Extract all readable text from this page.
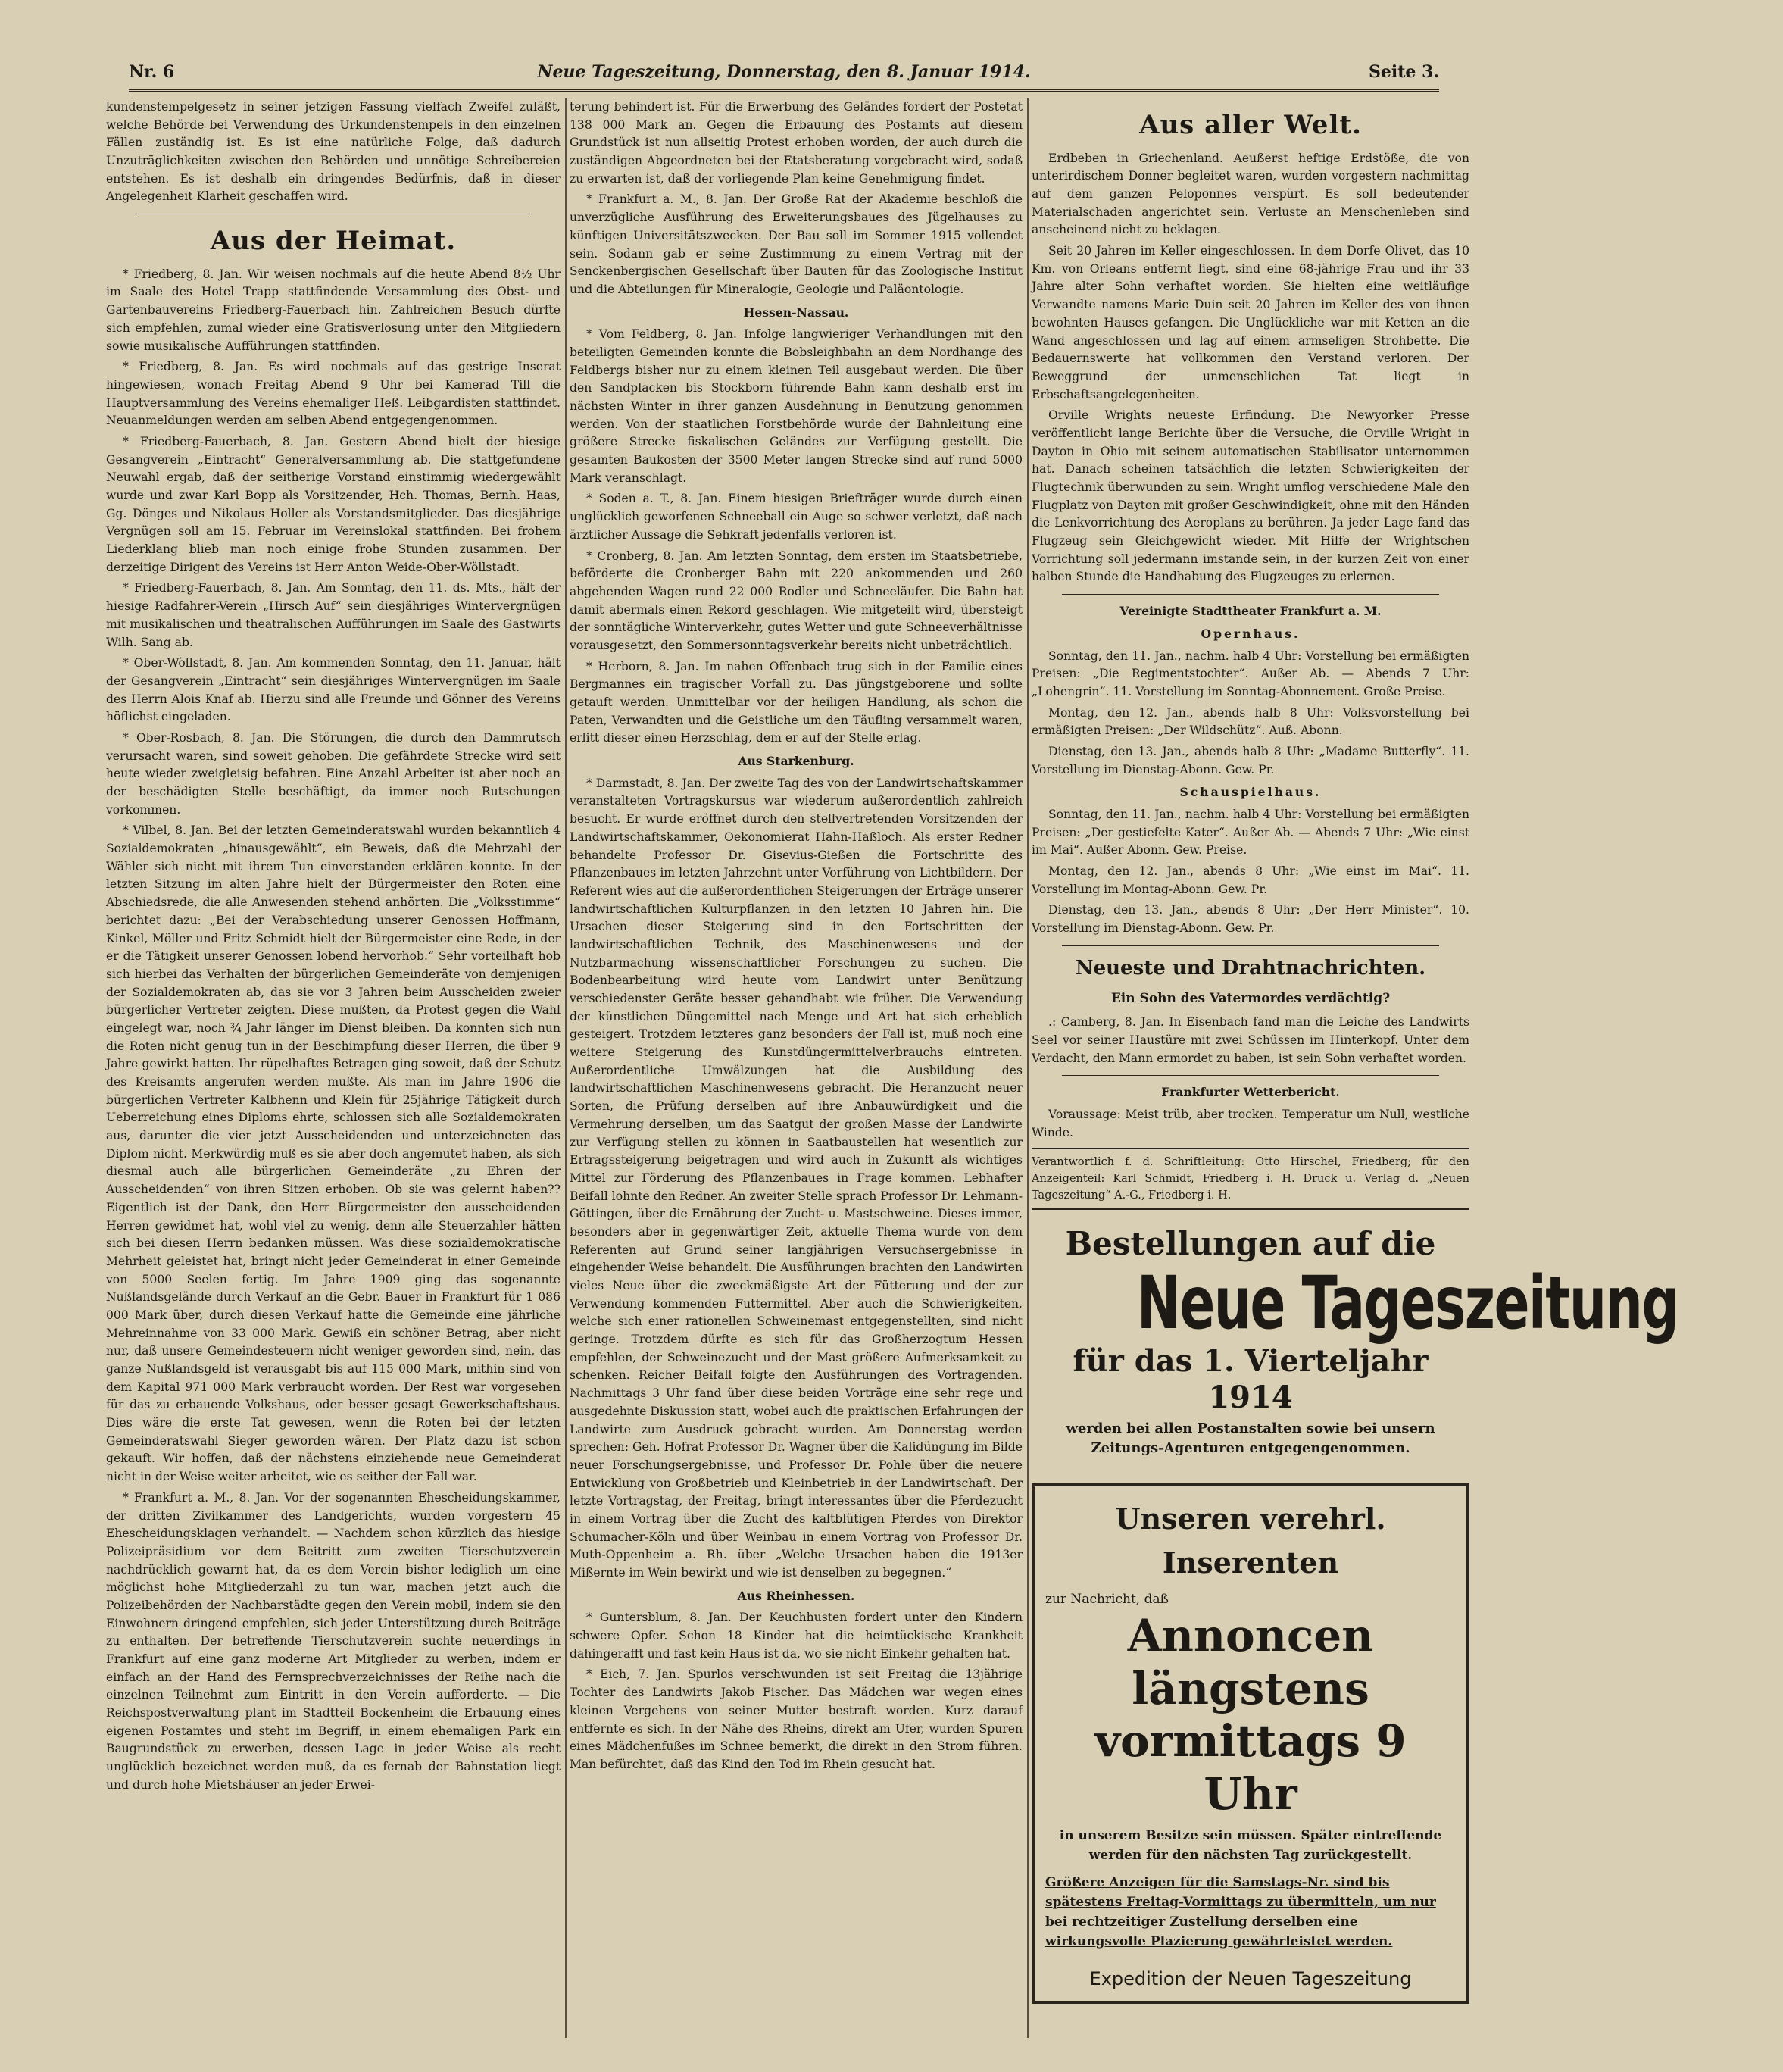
Nr. 6	Neue Tageszeitung, Donnerstag, den 8. Januar 1914.	Seite 3.

kundenstempelgesetz in seiner jetzigen Fassung vielfach Zweifel zuläßt, welche Behörde bei Verwendung des Urkundenstempels in den einzelnen Fällen zuständig ist. Es ist eine natürliche Folge, daß dadurch Unzuträglichkeiten zwischen den Behörden und unnötige Schreibereien entstehen. Es ist deshalb ein dringendes Bedürfnis, daß in dieser Angelegenheit Klarheit geschaffen wird.

Aus der Heimat.

* Friedberg, 8. Jan. Wir weisen nochmals auf die heute Abend 8½ Uhr im Saale des Hotel Trapp stattfindende Versammlung des Obst- und Gartenbauvereins Friedberg-Fauerbach hin. Zahlreichen Besuch dürfte sich empfehlen, zumal wieder eine Gratisverlosung unter den Mitgliedern sowie musikalische Aufführungen stattfinden.

* Friedberg, 8. Jan. Es wird nochmals auf das gestrige Inserat hingewiesen, wonach Freitag Abend 9 Uhr bei Kamerad Till die Hauptversammlung des Vereins ehemaliger Heß. Leibgardisten stattfindet. Neuanmeldungen werden am selben Abend entgegengenommen.

* Friedberg-Fauerbach, 8. Jan. Gestern Abend hielt der hiesige Gesangverein „Eintracht“ Generalversammlung ab. Die stattgefundene Neuwahl ergab, daß der seitherige Vorstand einstimmig wiedergewählt wurde und zwar Karl Bopp als Vorsitzender, Hch. Thomas, Bernh. Haas, Gg. Dönges und Nikolaus Holler als Vorstandsmitglieder. Das diesjährige Vergnügen soll am 15. Februar im Vereinslokal stattfinden. Bei frohem Liederklang blieb man noch einige frohe Stunden zusammen. Der derzeitige Dirigent des Vereins ist Herr Anton Weide-Ober-Wöllstadt.

* Friedberg-Fauerbach, 8. Jan. Am Sonntag, den 11. ds. Mts., hält der hiesige Radfahrer-Verein „Hirsch Auf“ sein diesjähriges Wintervergnügen mit musikalischen und theatralischen Aufführungen im Saale des Gastwirts Wilh. Sang ab.

* Ober-Wöllstadt, 8. Jan. Am kommenden Sonntag, den 11. Januar, hält der Gesangverein „Eintracht“ sein diesjähriges Wintervergnügen im Saale des Herrn Alois Knaf ab. Hierzu sind alle Freunde und Gönner des Vereins höflichst eingeladen.

* Ober-Rosbach, 8. Jan. Die Störungen, die durch den Dammrutsch verursacht waren, sind soweit gehoben. Die gefährdete Strecke wird seit heute wieder zweigleisig befahren. Eine Anzahl Arbeiter ist aber noch an der beschädigten Stelle beschäftigt, da immer noch Rutschungen vorkommen.

* Vilbel, 8. Jan. Bei der letzten Gemeinderatswahl wurden bekanntlich 4 Sozialdemokraten „hinausgewählt“, ein Beweis, daß die Mehrzahl der Wähler sich nicht mit ihrem Tun einverstanden erklären konnte. In der letzten Sitzung im alten Jahre hielt der Bürgermeister den Roten eine Abschiedsrede, die alle Anwesenden stehend anhörten. Die „Volksstimme“ berichtet dazu: „Bei der Verabschiedung unserer Genossen Hoffmann, Kinkel, Möller und Fritz Schmidt hielt der Bürgermeister eine Rede, in der er die Tätigkeit unserer Genossen lobend hervorhob.“ Sehr vorteilhaft hob sich hierbei das Verhalten der bürgerlichen Gemeinderäte von demjenigen der Sozialdemokraten ab, das sie vor 3 Jahren beim Ausscheiden zweier bürgerlicher Vertreter zeigten. Diese mußten, da Protest gegen die Wahl eingelegt war, noch ¾ Jahr länger im Dienst bleiben. Da konnten sich nun die Roten nicht genug tun in der Beschimpfung dieser Herren, die über 9 Jahre gewirkt hatten. Ihr rüpelhaftes Betragen ging soweit, daß der Schutz des Kreisamts angerufen werden mußte. Als man im Jahre 1906 die bürgerlichen Vertreter Kalbhenn und Klein für 25jährige Tätigkeit durch Ueberreichung eines Diploms ehrte, schlossen sich alle Sozialdemokraten aus, darunter die vier jetzt Ausscheidenden und unterzeichneten das Diplom nicht. Merkwürdig muß es sie aber doch angemutet haben, als sich diesmal auch alle bürgerlichen Gemeinderäte „zu Ehren der Ausscheidenden“ von ihren Sitzen erhoben. Ob sie was gelernt haben?? Eigentlich ist der Dank, den Herr Bürgermeister den ausscheidenden Herren gewidmet hat, wohl viel zu wenig, denn alle Steuerzahler hätten sich bei diesen Herrn bedanken müssen. Was diese sozialdemokratische Mehrheit geleistet hat, bringt nicht jeder Gemeinderat in einer Gemeinde von 5000 Seelen fertig. Im Jahre 1909 ging das sogenannte Nußlandsgelände durch Verkauf an die Gebr. Bauer in Frankfurt für 1 086 000 Mark über, durch diesen Verkauf hatte die Gemeinde eine jährliche Mehreinnahme von 33 000 Mark. Gewiß ein schöner Betrag, aber nicht nur, daß unsere Gemeindesteuern nicht weniger geworden sind, nein, das ganze Nußlandsgeld ist verausgabt bis auf 115 000 Mark, mithin sind von dem Kapital 971 000 Mark verbraucht worden. Der Rest war vorgesehen für das zu erbauende Volkshaus, oder besser gesagt Gewerkschaftshaus. Dies wäre die erste Tat gewesen, wenn die Roten bei der letzten Gemeinderatswahl Sieger geworden wären. Der Platz dazu ist schon gekauft. Wir hoffen, daß der nächstens einziehende neue Gemeinderat nicht in der Weise weiter arbeitet, wie es seither der Fall war.

* Frankfurt a. M., 8. Jan. Vor der sogenannten Ehescheidungskammer, der dritten Zivilkammer des Landgerichts, wurden vorgestern 45 Ehescheidungsklagen verhandelt. — Nachdem schon kürzlich das hiesige Polizeipräsidium vor dem Beitritt zum zweiten Tierschutzverein nachdrücklich gewarnt hat, da es dem Verein bisher lediglich um eine möglichst hohe Mitgliederzahl zu tun war, machen jetzt auch die Polizeibehörden der Nachbarstädte gegen den Verein mobil, indem sie den Einwohnern dringend empfehlen, sich jeder Unterstützung durch Beiträge zu enthalten. Der betreffende Tierschutzverein suchte neuerdings in Frankfurt auf eine ganz moderne Art Mitglieder zu werben, indem er einfach an der Hand des Fernsprechverzeichnisses der Reihe nach die einzelnen Teilnehmt zum Eintritt in den Verein aufforderte. — Die Reichspostverwaltung plant im Stadtteil Bockenheim die Erbauung eines eigenen Postamtes und steht im Begriff, in einem ehemaligen Park ein Baugrundstück zu erwerben, dessen Lage in jeder Weise als recht unglücklich bezeichnet werden muß, da es fernab der Bahnstation liegt und durch hohe Mietshäuser an jeder Erwei-

terung behindert ist. Für die Erwerbung des Geländes fordert der Postetat 138 000 Mark an. Gegen die Erbauung des Postamts auf diesem Grundstück ist nun allseitig Protest erhoben worden, der auch durch die zuständigen Abgeordneten bei der Etatsberatung vorgebracht wird, sodaß zu erwarten ist, daß der vorliegende Plan keine Genehmigung findet.

* Frankfurt a. M., 8. Jan. Der Große Rat der Akademie beschloß die unverzügliche Ausführung des Erweiterungsbaues des Jügelhauses zu künftigen Universitätszwecken. Der Bau soll im Sommer 1915 vollendet sein. Sodann gab er seine Zustimmung zu einem Vertrag mit der Senckenbergischen Gesellschaft über Bauten für das Zoologische Institut und die Abteilungen für Mineralogie, Geologie und Paläontologie.

Hessen-Nassau.

* Vom Feldberg, 8. Jan. Infolge langwieriger Verhandlungen mit den beteiligten Gemeinden konnte die Bobsleighbahn an dem Nordhange des Feldbergs bisher nur zu einem kleinen Teil ausgebaut werden. Die über den Sandplacken bis Stockborn führende Bahn kann deshalb erst im nächsten Winter in ihrer ganzen Ausdehnung in Benutzung genommen werden. Von der staatlichen Forstbehörde wurde der Bahnleitung eine größere Strecke fiskalischen Geländes zur Verfügung gestellt. Die gesamten Baukosten der 3500 Meter langen Strecke sind auf rund 5000 Mark veranschlagt.

* Soden a. T., 8. Jan. Einem hiesigen Briefträger wurde durch einen unglücklich geworfenen Schneeball ein Auge so schwer verletzt, daß nach ärztlicher Aussage die Sehkraft jedenfalls verloren ist.

* Cronberg, 8. Jan. Am letzten Sonntag, dem ersten im Staatsbetriebe, beförderte die Cronberger Bahn mit 220 ankommenden und 260 abgehenden Wagen rund 22 000 Rodler und Schneeläufer. Die Bahn hat damit abermals einen Rekord geschlagen. Wie mitgeteilt wird, übersteigt der sonntägliche Winterverkehr, gutes Wetter und gute Schneeverhältnisse vorausgesetzt, den Sommersonntagsverkehr bereits nicht unbeträchtlich.

* Herborn, 8. Jan. Im nahen Offenbach trug sich in der Familie eines Bergmannes ein tragischer Vorfall zu. Das jüngstgeborene und sollte getauft werden. Unmittelbar vor der heiligen Handlung, als schon die Paten, Verwandten und die Geistliche um den Täufling versammelt waren, erlitt dieser einen Herzschlag, dem er auf der Stelle erlag.

Aus Starkenburg.

* Darmstadt, 8. Jan. Der zweite Tag des von der Landwirtschaftskammer veranstalteten Vortragskursus war wiederum außerordentlich zahlreich besucht. Er wurde eröffnet durch den stellvertretenden Vorsitzenden der Landwirtschaftskammer, Oekonomierat Hahn-Haßloch. Als erster Redner behandelte Professor Dr. Gisevius-Gießen die Fortschritte des Pflanzenbaues im letzten Jahrzehnt unter Vorführung von Lichtbildern. Der Referent wies auf die außerordentlichen Steigerungen der Erträge unserer landwirtschaftlichen Kulturpflanzen in den letzten 10 Jahren hin. Die Ursachen dieser Steigerung sind in den Fortschritten der landwirtschaftlichen Technik, des Maschinenwesens und der Nutzbarmachung wissenschaftlicher Forschungen zu suchen. Die Bodenbearbeitung wird heute vom Landwirt unter Benützung verschiedenster Geräte besser gehandhabt wie früher. Die Verwendung der künstlichen Düngemittel nach Menge und Art hat sich erheblich gesteigert. Trotzdem letzteres ganz besonders der Fall ist, muß noch eine weitere Steigerung des Kunstdüngermittelverbrauchs eintreten. Außerordentliche Umwälzungen hat die Ausbildung des landwirtschaftlichen Maschinenwesens gebracht. Die Heranzucht neuer Sorten, die Prüfung derselben auf ihre Anbauwürdigkeit und die Vermehrung derselben, um das Saatgut der großen Masse der Landwirte zur Verfügung stellen zu können in Saatbaustellen hat wesentlich zur Ertragssteigerung beigetragen und wird auch in Zukunft als wichtiges Mittel zur Förderung des Pflanzenbaues in Frage kommen. Lebhafter Beifall lohnte den Redner. An zweiter Stelle sprach Professor Dr. Lehmann-Göttingen, über die Ernährung der Zucht- u. Mastschweine. Dieses immer, besonders aber in gegenwärtiger Zeit, aktuelle Thema wurde von dem Referenten auf Grund seiner langjährigen Versuchsergebnisse in eingehender Weise behandelt. Die Ausführungen brachten den Landwirten vieles Neue über die zweckmäßigste Art der Fütterung und der zur Verwendung kommenden Futtermittel. Aber auch die Schwierigkeiten, welche sich einer rationellen Schweinemast entgegenstellten, sind nicht geringe. Trotzdem dürfte es sich für das Großherzogtum Hessen empfehlen, der Schweinezucht und der Mast größere Aufmerksamkeit zu schenken. Reicher Beifall folgte den Ausführungen des Vortragenden. Nachmittags 3 Uhr fand über diese beiden Vorträge eine sehr rege und ausgedehnte Diskussion statt, wobei auch die praktischen Erfahrungen der Landwirte zum Ausdruck gebracht wurden. Am Donnerstag werden sprechen: Geh. Hofrat Professor Dr. Wagner über die Kalidüngung im Bilde neuer Forschungsergebnisse, und Professor Dr. Pohle über die neuere Entwicklung von Großbetrieb und Kleinbetrieb in der Landwirtschaft. Der letzte Vortragstag, der Freitag, bringt interessantes über die Pferdezucht in einem Vortrag über die Zucht des kaltblütigen Pferdes von Direktor Schumacher-Köln und über Weinbau in einem Vortrag von Professor Dr. Muth-Oppenheim a. Rh. über „Welche Ursachen haben die 1913er Mißernte im Wein bewirkt und wie ist denselben zu begegnen.“

Aus Rheinhessen.

* Guntersblum, 8. Jan. Der Keuchhusten fordert unter den Kindern schwere Opfer. Schon 18 Kinder hat die heimtückische Krankheit dahingerafft und fast kein Haus ist da, wo sie nicht Einkehr gehalten hat.

* Eich, 7. Jan. Spurlos verschwunden ist seit Freitag die 13jährige Tochter des Landwirts Jakob Fischer. Das Mädchen war wegen eines kleinen Vergehens von seiner Mutter bestraft worden. Kurz darauf entfernte es sich. In der Nähe des Rheins, direkt am Ufer, wurden Spuren eines Mädchenfußes im Schnee bemerkt, die direkt in den Strom führen. Man befürchtet, daß das Kind den Tod im Rhein gesucht hat.

Aus aller Welt.

Erdbeben in Griechenland. Aeußerst heftige Erdstöße, die von unterirdischem Donner begleitet waren, wurden vorgestern nachmittag auf dem ganzen Peloponnes verspürt. Es soll bedeutender Materialschaden angerichtet sein. Verluste an Menschenleben sind anscheinend nicht zu beklagen.

Seit 20 Jahren im Keller eingeschlossen. In dem Dorfe Olivet, das 10 Km. von Orleans entfernt liegt, sind eine 68-jährige Frau und ihr 33 Jahre alter Sohn verhaftet worden. Sie hielten eine weitläufige Verwandte namens Marie Duin seit 20 Jahren im Keller des von ihnen bewohnten Hauses gefangen. Die Unglückliche war mit Ketten an die Wand angeschlossen und lag auf einem armseligen Strohbette. Die Bedauernswerte hat vollkommen den Verstand verloren. Der Beweggrund der unmenschlichen Tat liegt in Erbschaftsangelegenheiten.

Orville Wrights neueste Erfindung. Die Newyorker Presse veröffentlicht lange Berichte über die Versuche, die Orville Wright in Dayton in Ohio mit seinem automatischen Stabilisator unternommen hat. Danach scheinen tatsächlich die letzten Schwierigkeiten der Flugtechnik überwunden zu sein. Wright umflog verschiedene Male den Flugplatz von Dayton mit großer Geschwindigkeit, ohne mit den Händen die Lenkvorrichtung des Aeroplans zu berühren. Ja jeder Lage fand das Flugzeug sein Gleichgewicht wieder. Mit Hilfe der Wrightschen Vorrichtung soll jedermann imstande sein, in der kurzen Zeit von einer halben Stunde die Handhabung des Flugzeuges zu erlernen.

Vereinigte Stadttheater Frankfurt a. M.
Opernhaus.

Sonntag, den 11. Jan., nachm. halb 4 Uhr: Vorstellung bei ermäßigten Preisen: „Die Regimentstochter“. Außer Ab. — Abends 7 Uhr: „Lohengrin“. 11. Vorstellung im Sonntag-Abonnement. Große Preise.

Montag, den 12. Jan., abends halb 8 Uhr: Volksvorstellung bei ermäßigten Preisen: „Der Wildschütz“. Auß. Abonn.

Dienstag, den 13. Jan., abends halb 8 Uhr: „Madame Butterfly“. 11. Vorstellung im Dienstag-Abonn. Gew. Pr.

Schauspielhaus.

Sonntag, den 11. Jan., nachm. halb 4 Uhr: Vorstellung bei ermäßigten Preisen: „Der gestiefelte Kater“. Außer Ab. — Abends 7 Uhr: „Wie einst im Mai“. Außer Abonn. Gew. Preise.

Montag, den 12. Jan., abends 8 Uhr: „Wie einst im Mai“. 11. Vorstellung im Montag-Abonn. Gew. Pr.

Dienstag, den 13. Jan., abends 8 Uhr: „Der Herr Minister“. 10. Vorstellung im Dienstag-Abonn. Gew. Pr.

Neueste und Drahtnachrichten.
Ein Sohn des Vatermordes verdächtig?

.: Camberg, 8. Jan. In Eisenbach fand man die Leiche des Landwirts Seel vor seiner Haustüre mit zwei Schüssen im Hinterkopf. Unter dem Verdacht, den Mann ermordet zu haben, ist sein Sohn verhaftet worden.

Frankfurter Wetterbericht.

Voraussage: Meist trüb, aber trocken. Temperatur um Null, westliche Winde.

Verantwortlich f. d. Schriftleitung: Otto Hirschel, Friedberg; für den Anzeigenteil: Karl Schmidt, Friedberg i. H. Druck u. Verlag d. „Neuen Tageszeitung“ A.-G., Friedberg i. H.
Bestellungen auf die
Neue Tageszeitung
für das 1. Vierteljahr 1914
werden bei allen Postanstalten sowie bei unsern Zeitungs-Agenturen entgegengenommen.
Unseren verehrl. Inserenten
zur Nachricht, daß
Annoncen längstens
vormittags 9 Uhr
in unserem Besitze sein müssen. Später eintreffende werden für den nächsten Tag zurückgestellt.
Größere Anzeigen für die Samstags-Nr. sind bis spätestens Freitag-Vormittags zu übermitteln, um nur bei rechtzeitiger Zustellung derselben eine wirkungsvolle Plazierung gewährleistet werden.
Expedition der Neuen Tageszeitung
